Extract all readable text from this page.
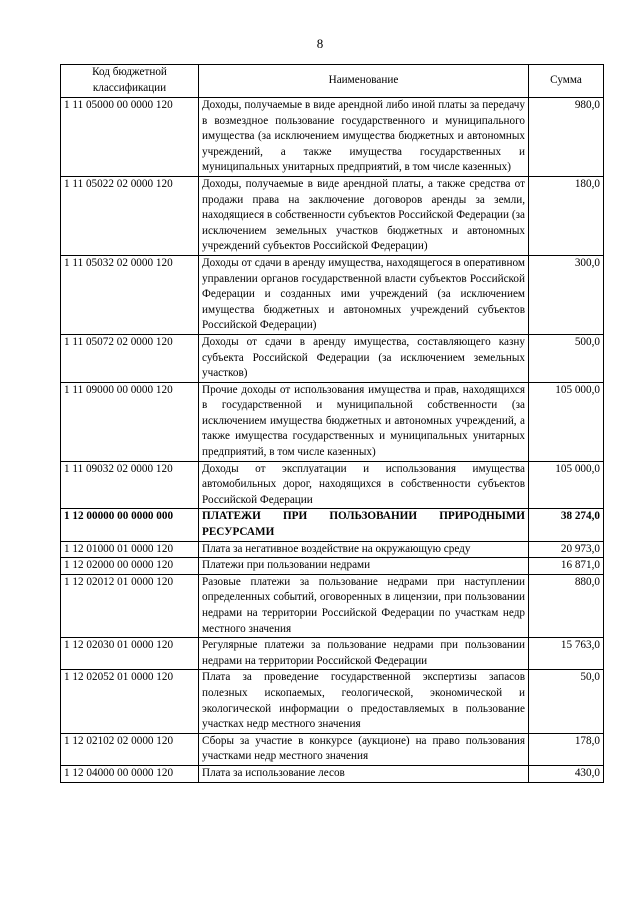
8
Код бюджетной классификации	Наименование	Сумма
1 11 05000 00 0000 120	Доходы, получаемые в виде арендной либо иной платы за передачу в возмездное пользование государственного и муниципального имущества (за исключением имущества бюджетных и автономных учреждений, а также имущества государственных и муниципальных унитарных предприятий, в том числе казенных)	980,0
1 11 05022 02 0000 120	Доходы, получаемые в виде арендной платы, а также средства от продажи права на заключение договоров аренды за земли, находящиеся в собственности субъектов Российской Федерации (за исключением земельных участков бюджетных и автономных учреждений субъектов Российской Федерации)	180,0
1 11 05032 02 0000 120	Доходы от сдачи в аренду имущества, находящегося в оперативном управлении органов государственной власти субъектов Российской Федерации и созданных ими учреждений (за исключением имущества бюджетных и автономных учреждений субъектов Российской Федерации)	300,0
1 11 05072 02 0000 120	Доходы от сдачи в аренду имущества, составляющего казну субъекта Российской Федерации (за исключением земельных участков)	500,0
1 11 09000 00 0000 120	Прочие доходы от использования имущества и прав, находящихся в государственной и муниципальной собственности (за исключением имущества бюджетных и автономных учреждений, а также имущества государственных и муниципальных унитарных предприятий, в том числе казенных)	105 000,0
1 11 09032 02 0000 120	Доходы от эксплуатации и использования имущества автомобильных дорог, находящихся в собственности субъектов Российской Федерации	105 000,0
1 12 00000 00 0000 000	ПЛАТЕЖИ ПРИ ПОЛЬЗОВАНИИ ПРИРОДНЫМИ РЕСУРСАМИ	38 274,0
1 12 01000 01 0000 120	Плата за негативное воздействие на окружающую среду	20 973,0
1 12 02000 00 0000 120	Платежи при пользовании недрами	16 871,0
1 12 02012 01 0000 120	Разовые платежи за пользование недрами при наступлении определенных событий, оговоренных в лицензии, при пользовании недрами на территории Российской Федерации по участкам недр местного значения	880,0
1 12 02030 01 0000 120	Регулярные платежи за пользование недрами при пользовании недрами на территории Российской Федерации	15 763,0
1 12 02052 01 0000 120	Плата за проведение государственной экспертизы запасов полезных ископаемых, геологической, экономической и экологической информации о предоставляемых в пользование участках недр местного значения	50,0
1 12 02102 02 0000 120	Сборы за участие в конкурсе (аукционе) на право пользования участками недр местного значения	178,0
1 12 04000 00 0000 120	Плата за использование лесов	430,0
